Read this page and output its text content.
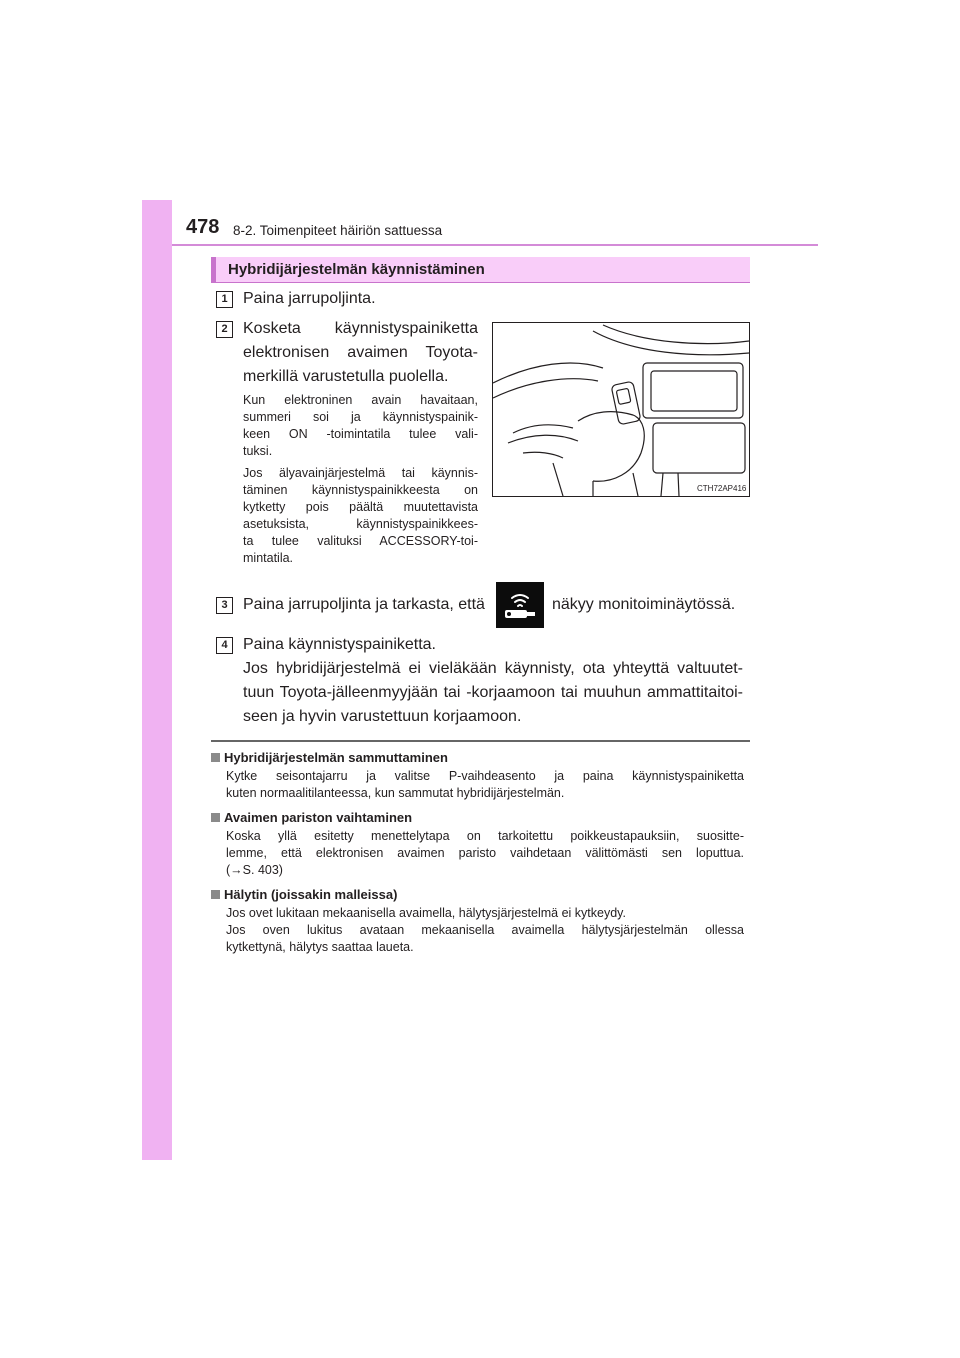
478 8-2. Toimenpiteet häiriön sattuessa
Hybridijärjestelmän käynnistäminen
1 Paina jarrupoljinta.
2 Kosketa käynnistyspainiketta
elektronisen avaimen Toyota-
merkillä varustetulla puolella.
Kun elektroninen avain havaitaan,
summeri soi ja käynnistyspainik-
keen ON -toimintatila tulee vali-
tuksi.
Jos älyavainjärjestelmä tai käynnis-
täminen käynnistyspainikkeesta on
kytketty pois päältä muutettavista
asetuksista, käynnistyspainikkees-
ta tulee valituksi ACCESSORY-toi-
mintatila.
CTH72AP416
3 Paina jarrupoljinta ja tarkasta, että	näkyy monitoiminäytössä.
4 Paina käynnistyspainiketta.
Jos hybridijärjestelmä ei vieläkään käynnisty, ota yhteyttä valtuutet-
tuun Toyota-jälleenmyyjään tai -korjaamoon tai muuhun ammattitaitoi-
seen ja hyvin varustettuun korjaamoon.
Hybridijärjestelmän sammuttaminen
Kytke seisontajarru ja valitse P-vaihdeasento ja paina käynnistyspainiketta
kuten normaalitilanteessa, kun sammutat hybridijärjestelmän.
Avaimen pariston vaihtaminen
Koska yllä esitetty menettelytapa on tarkoitettu poikkeustapauksiin, suositte-
lemme, että elektronisen avaimen paristo vaihdetaan välittömästi sen loputtua.
(→S. 403)
Hälytin (joissakin malleissa)
Jos ovet lukitaan mekaanisella avaimella, hälytysjärjestelmä ei kytkeydy.
Jos oven lukitus avataan mekaanisella avaimella hälytysjärjestelmän ollessa
kytkettynä, hälytys saattaa laueta.
